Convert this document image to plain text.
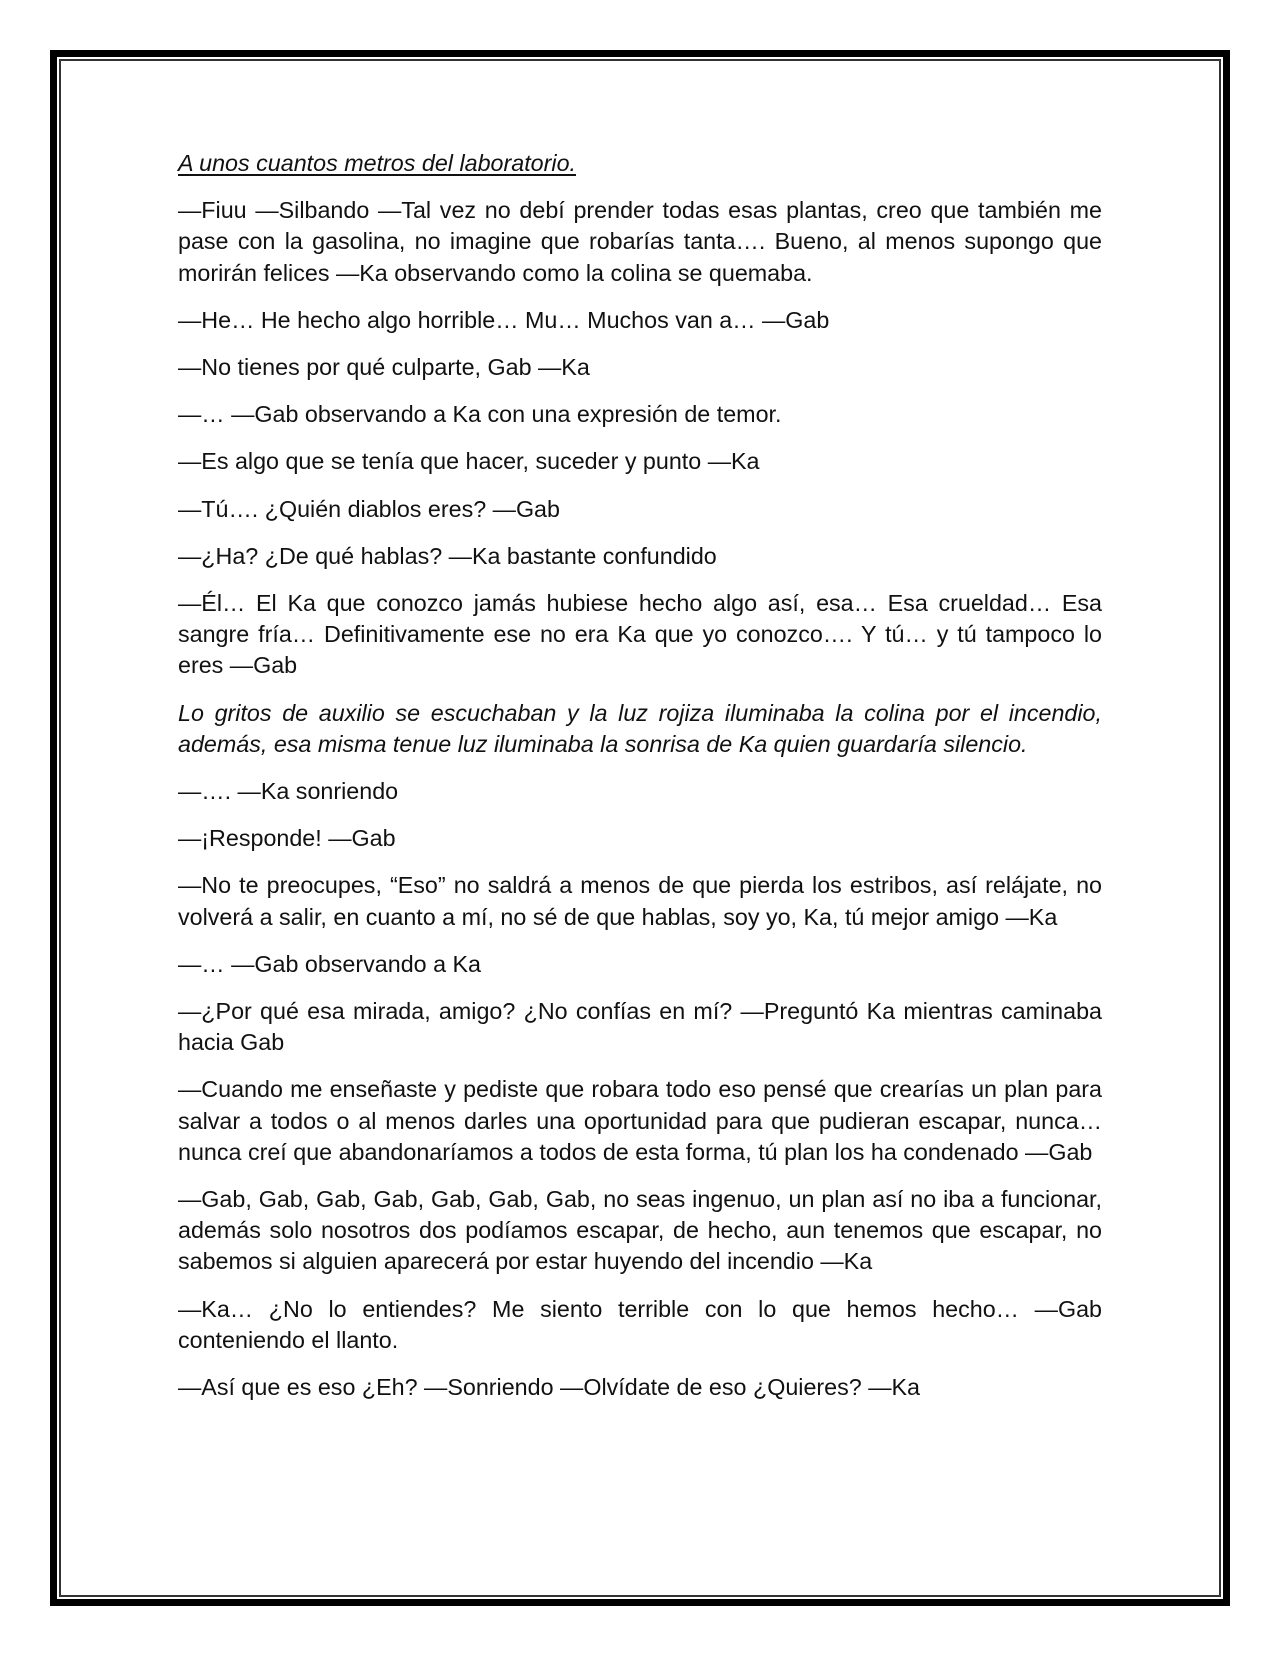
A unos cuantos metros del laboratorio.

—Fiuu —Silbando —Tal vez no debí prender todas esas plantas, creo que también me pase con la gasolina, no imagine que robarías tanta…. Bueno, al menos supongo que morirán felices —Ka observando como la colina se quemaba.

—He… He hecho algo horrible… Mu… Muchos van a… —Gab

—No tienes por qué culparte, Gab —Ka

—… —Gab observando a Ka con una expresión de temor.

—Es algo que se tenía que hacer, suceder y punto —Ka

—Tú…. ¿Quién diablos eres? —Gab

—¿Ha? ¿De qué hablas? —Ka bastante confundido

—Él… El Ka que conozco jamás hubiese hecho algo así, esa… Esa crueldad… Esa sangre fría… Definitivamente ese no era Ka que yo conozco…. Y tú… y tú tampoco lo eres —Gab

Lo gritos de auxilio se escuchaban y la luz rojiza iluminaba la colina por el incendio, además, esa misma tenue luz iluminaba la sonrisa de Ka quien guardaría silencio.

—…. —Ka sonriendo

—¡Responde! —Gab

—No te preocupes, “Eso” no saldrá a menos de que pierda los estribos, así relájate, no volverá a salir, en cuanto a mí, no sé de que hablas, soy yo, Ka, tú mejor amigo —Ka

—… —Gab observando a Ka

—¿Por qué esa mirada, amigo? ¿No confías en mí? —Preguntó Ka mientras caminaba hacia Gab

—Cuando me enseñaste y pediste que robara todo eso pensé que crearías un plan para salvar a todos o al menos darles una oportunidad para que pudieran escapar, nunca… nunca creí que abandonaríamos a todos de esta forma, tú plan los ha condenado —Gab

—Gab, Gab, Gab, Gab, Gab, Gab, Gab, no seas ingenuo, un plan así no iba a funcionar, además solo nosotros dos podíamos escapar, de hecho, aun tenemos que escapar, no sabemos si alguien aparecerá por estar huyendo del incendio —Ka

—Ka… ¿No lo entiendes? Me siento terrible con lo que hemos hecho… —Gab conteniendo el llanto.

—Así que es eso ¿Eh? —Sonriendo —Olvídate de eso ¿Quieres? —Ka
